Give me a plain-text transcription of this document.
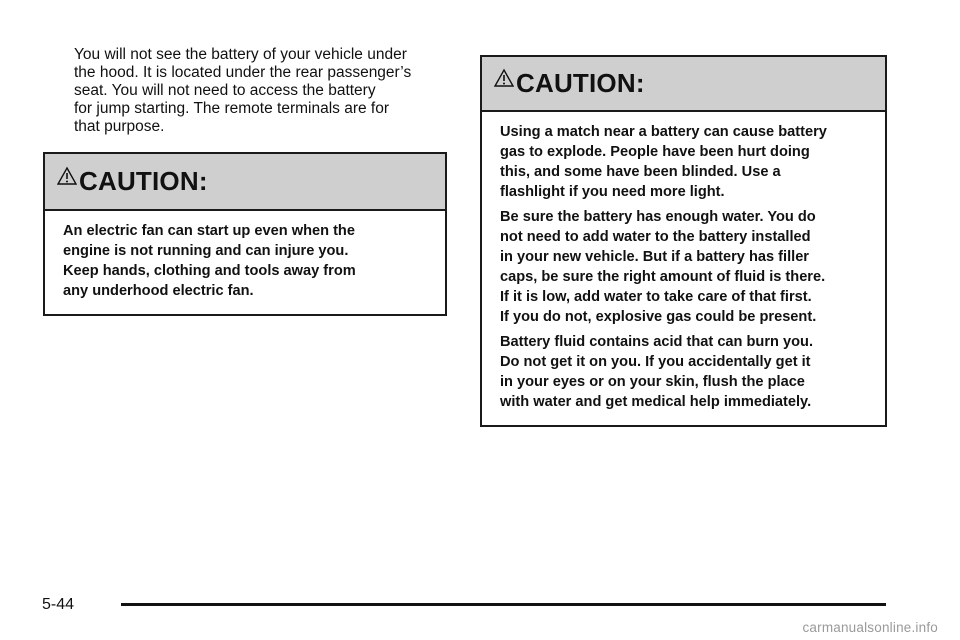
You will not see the battery of your vehicle under
the hood. It is located under the rear passenger’s
seat. You will not need to access the battery
for jump starting. The remote terminals are for
that purpose.

CAUTION:

An electric fan can start up even when the
engine is not running and can injure you.
Keep hands, clothing and tools away from
any underhood electric fan.

CAUTION:

Using a match near a battery can cause battery
gas to explode. People have been hurt doing
this, and some have been blinded. Use a
flashlight if you need more light.

Be sure the battery has enough water. You do
not need to add water to the battery installed
in your new vehicle. But if a battery has filler
caps, be sure the right amount of fluid is there.
If it is low, add water to take care of that first.
If you do not, explosive gas could be present.

Battery fluid contains acid that can burn you.
Do not get it on you. If you accidentally get it
in your eyes or on your skin, flush the place
with water and get medical help immediately.

5-44
carmanualsonline.info
